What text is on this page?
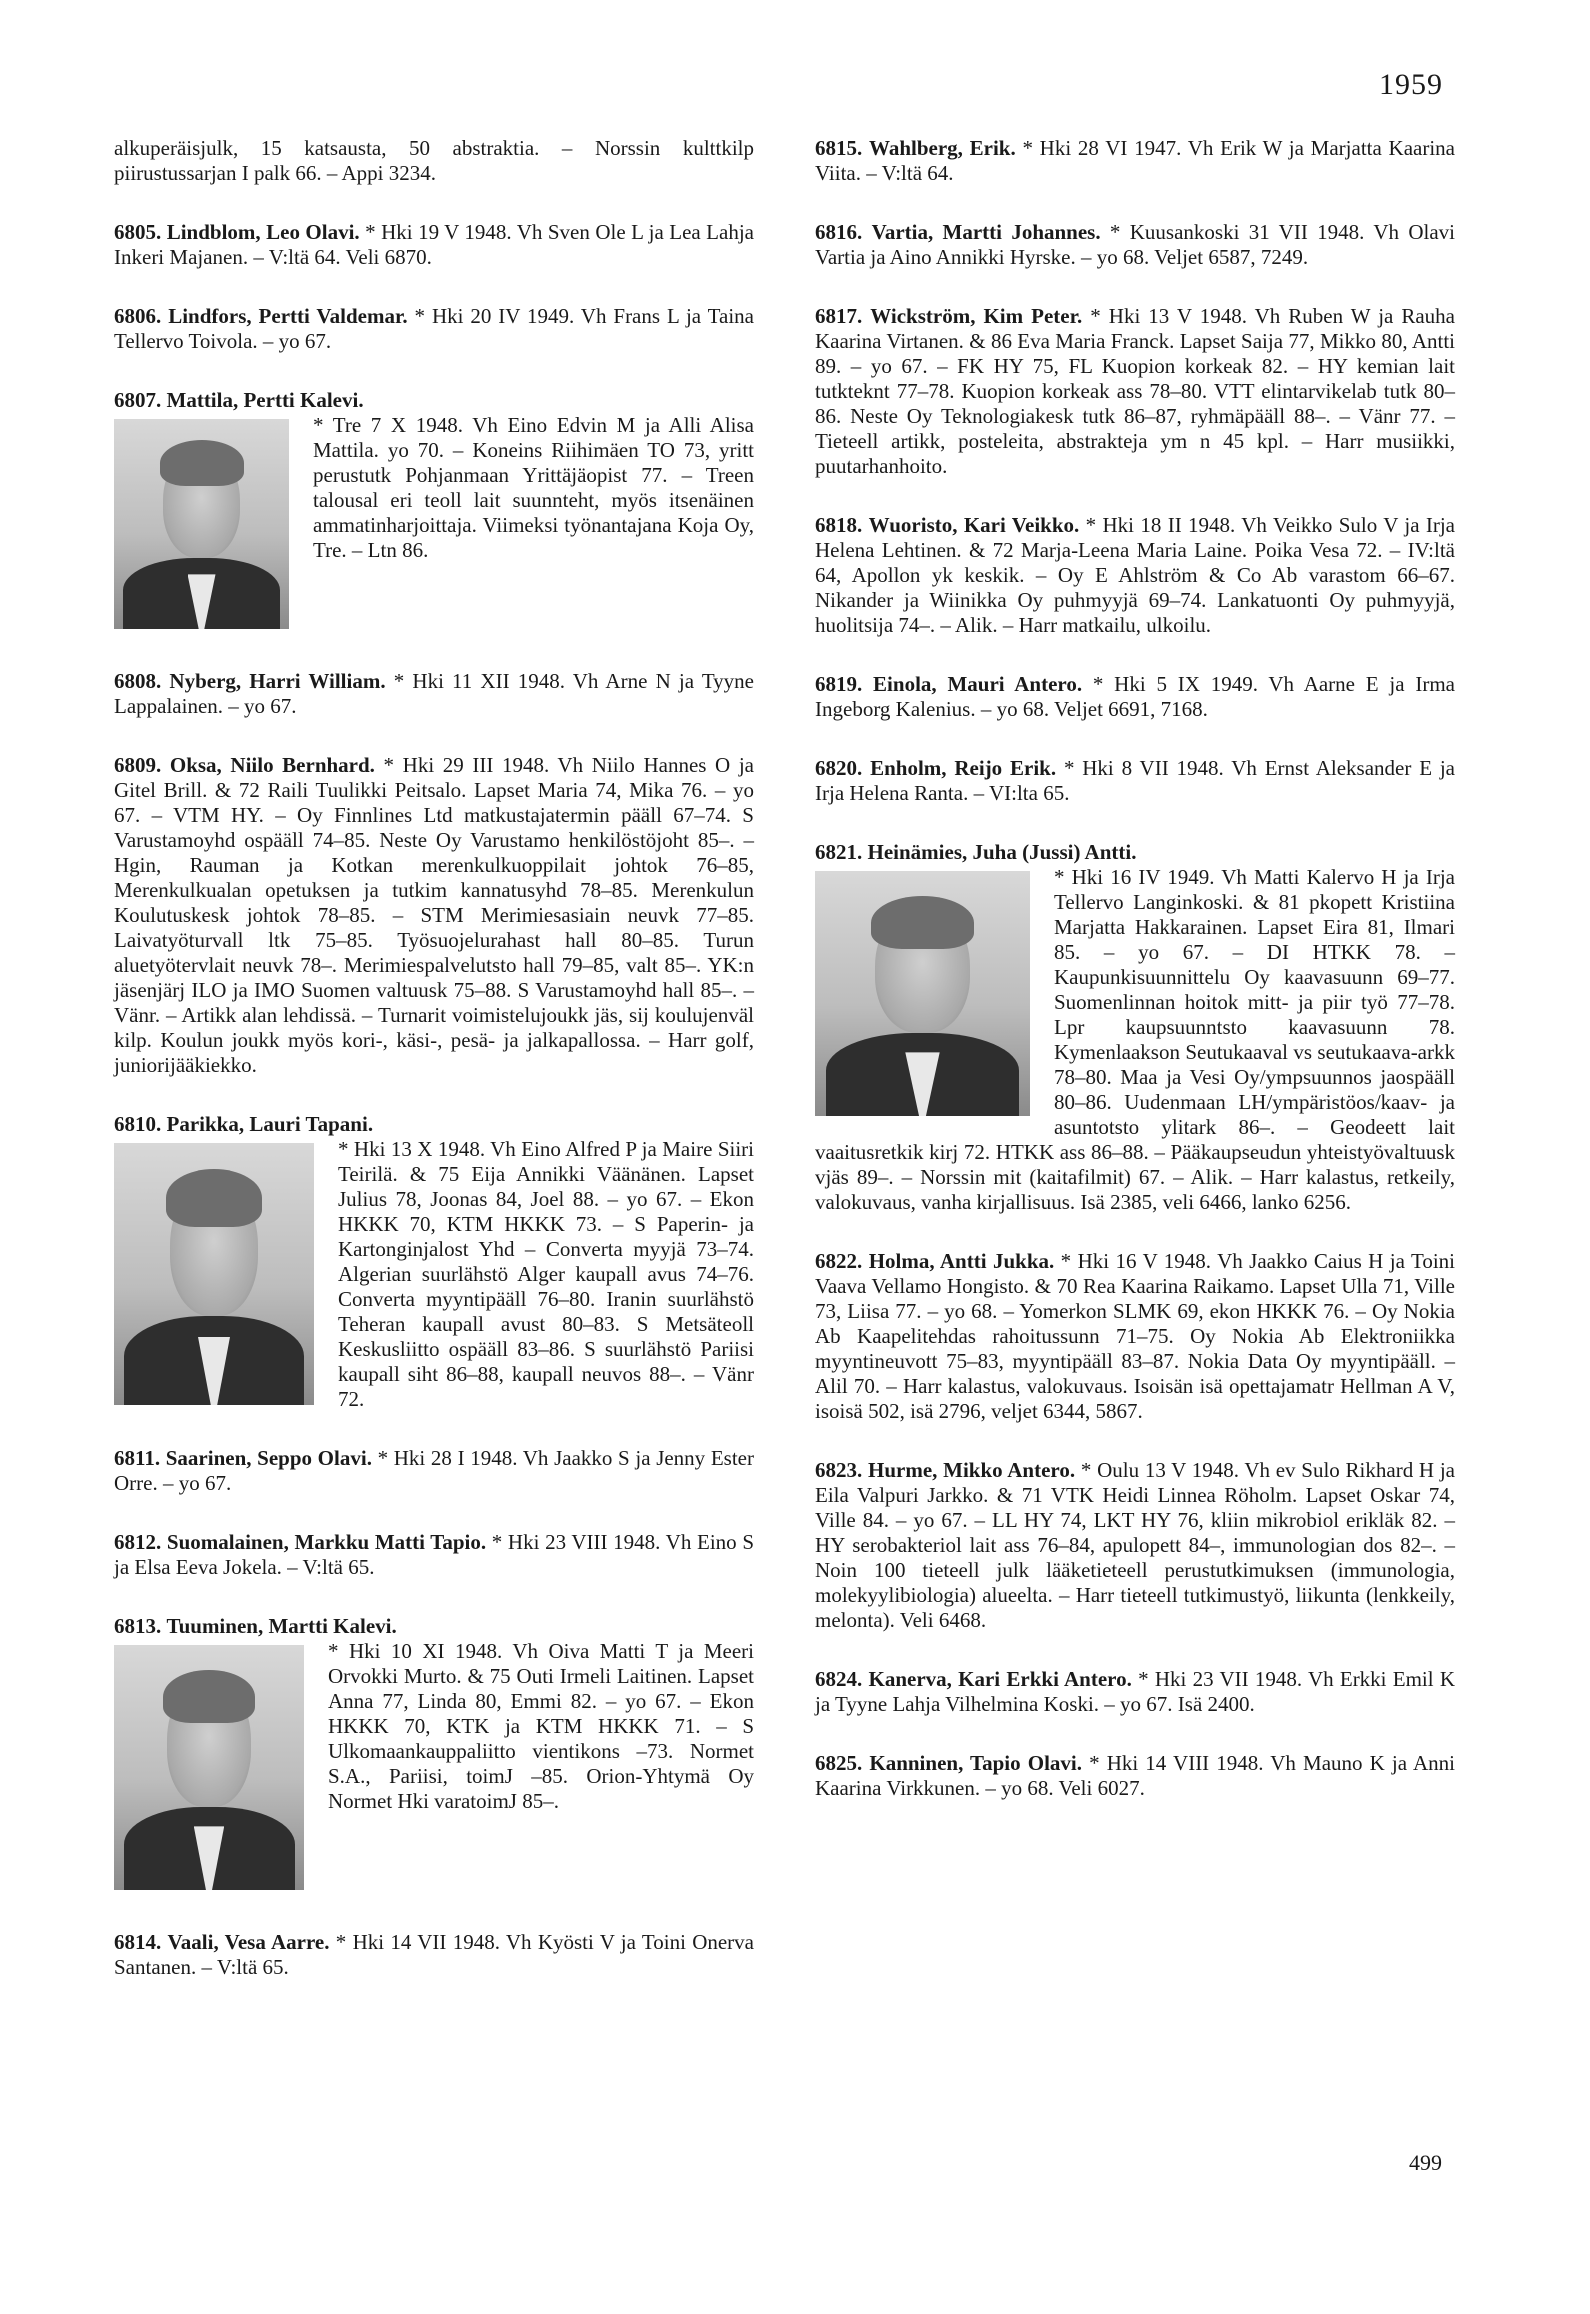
1959

alkuperäisjulk, 15 katsausta, 50 abstraktia. – Norssin kulttkilp piirustussarjan I palk 66. – Appi 3234.

6805. Lindblom, Leo Olavi. * Hki 19 V 1948. Vh Sven Ole L ja Lea Lahja Inkeri Majanen. – V:ltä 64. Veli 6870.

6806. Lindfors, Pertti Valdemar. * Hki 20 IV 1949. Vh Frans L ja Taina Tellervo Toivola. – yo 67.

6807. Mattila, Pertti Kalevi.
* Tre 7 X 1948. Vh Eino Edvin M ja Alli Alisa Mattila. yo 70. – Koneins Riihimäen TO 73, yritt perustutk Pohjanmaan Yrittäjäopist 77. – Treen talousal eri teoll lait suunnteht, myös itsenäinen ammatinharjoittaja. Viimeksi työnantajana Koja Oy, Tre. – Ltn 86.

6808. Nyberg, Harri William. * Hki 11 XII 1948. Vh Arne N ja Tyyne Lappalainen. – yo 67.

6809. Oksa, Niilo Bernhard. * Hki 29 III 1948. Vh Niilo Hannes O ja Gitel Brill. & 72 Raili Tuulikki Peitsalo. Lapset Maria 74, Mika 76. – yo 67. – VTM HY. – Oy Finnlines Ltd matkustajatermin pääll 67–74. S Varustamoyhd ospääll 74–85. Neste Oy Varustamo henkilöstöjoht 85–. – Hgin, Rauman ja Kotkan merenkulkuoppilait johtok 76–85, Merenkulkualan opetuksen ja tutkim kannatusyhd 78–85. Merenkulun Koulutuskesk johtok 78–85. – STM Merimiesasiain neuvk 77–85. Laivatyöturvall ltk 75–85. Työsuojelurahast hall 80–85. Turun aluetyötervlait neuvk 78–. Merimiespalvelutsto hall 79–85, valt 85–. YK:n jäsenjärj ILO ja IMO Suomen valtuusk 75–88. S Varustamoyhd hall 85–. – Vänr. – Artikk alan lehdissä. – Turnarit voimistelujoukk jäs, sij koulujenväl kilp. Koulun joukk myös kori-, käsi-, pesä- ja jalkapallossa. – Harr golf, juniorijääkiekko.

6810. Parikka, Lauri Tapani.
* Hki 13 X 1948. Vh Eino Alfred P ja Maire Siiri Teirilä. & 75 Eija Annikki Väänänen. Lapset Julius 78, Joonas 84, Joel 88. – yo 67. – Ekon HKKK 70, KTM HKKK 73. – S Paperin- ja Kartonginjalost Yhd – Converta myyjä 73–74. Algerian suurlähstö Alger kaupall avus 74–76. Converta myyntipääll 76–80. Iranin suurlähstö Teheran kaupall avust 80–83. S Metsäteoll Keskusliitto ospääll 83–86. S suurlähstö Pariisi kaupall siht 86–88, kaupall neuvos 88–. – Vänr 72.

6811. Saarinen, Seppo Olavi. * Hki 28 I 1948. Vh Jaakko S ja Jenny Ester Orre. – yo 67.

6812. Suomalainen, Markku Matti Tapio. * Hki 23 VIII 1948. Vh Eino S ja Elsa Eeva Jokela. – V:ltä 65.

6813. Tuuminen, Martti Kalevi.
* Hki 10 XI 1948. Vh Oiva Matti T ja Meeri Orvokki Murto. & 75 Outi Irmeli Laitinen. Lapset Anna 77, Linda 80, Emmi 82. – yo 67. – Ekon HKKK 70, KTK ja KTM HKKK 71. – S Ulkomaankauppaliitto vientikons –73. Normet S.A., Pariisi, toimJ –85. Orion-Yhtymä Oy Normet Hki varatoimJ 85–.

6814. Vaali, Vesa Aarre. * Hki 14 VII 1948. Vh Kyösti V ja Toini Onerva Santanen. – V:ltä 65.

6815. Wahlberg, Erik. * Hki 28 VI 1947. Vh Erik W ja Marjatta Kaarina Viita. – V:ltä 64.

6816. Vartia, Martti Johannes. * Kuusankoski 31 VII 1948. Vh Olavi Vartia ja Aino Annikki Hyrske. – yo 68. Veljet 6587, 7249.

6817. Wickström, Kim Peter. * Hki 13 V 1948. Vh Ruben W ja Rauha Kaarina Virtanen. & 86 Eva Maria Franck. Lapset Saija 77, Mikko 80, Antti 89. – yo 67. – FK HY 75, FL Kuopion korkeak 82. – HY kemian lait tutkteknt 77–78. Kuopion korkeak ass 78–80. VTT elintarvikelab tutk 80–86. Neste Oy Teknologiakesk tutk 86–87, ryhmäpääll 88–. – Vänr 77. – Tieteell artikk, posteleita, abstrakteja ym n 45 kpl. – Harr musiikki, puutarhanhoito.

6818. Wuoristo, Kari Veikko. * Hki 18 II 1948. Vh Veikko Sulo V ja Irja Helena Lehtinen. & 72 Marja-Leena Maria Laine. Poika Vesa 72. – IV:ltä 64, Apollon yk keskik. – Oy E Ahlström & Co Ab varastom 66–67. Nikander ja Wiinikka Oy puhmyyjä 69–74. Lankatuonti Oy puhmyyjä, huolitsija 74–. – Alik. – Harr matkailu, ulkoilu.

6819. Einola, Mauri Antero. * Hki 5 IX 1949. Vh Aarne E ja Irma Ingeborg Kalenius. – yo 68. Veljet 6691, 7168.

6820. Enholm, Reijo Erik. * Hki 8 VII 1948. Vh Ernst Aleksander E ja Irja Helena Ranta. – VI:lta 65.

6821. Heinämies, Juha (Jussi) Antti.
* Hki 16 IV 1949. Vh Matti Kalervo H ja Irja Tellervo Langinkoski. & 81 pkopett Kristiina Marjatta Hakkarainen. Lapset Eira 81, Ilmari 85. – yo 67. – DI HTKK 78. – Kaupunkisuunnittelu Oy kaavasuunn 69–77. Suomenlinnan hoitok mitt- ja piir työ 77–78. Lpr kaupsuunntsto kaavasuunn 78. Kymenlaakson Seutukaaval vs seutukaava-arkk 78–80. Maa ja Vesi Oy/ympsuunnos jaospääll 80–86. Uudenmaan LH/ympäristöos/kaav- ja asuntotsto ylitark 86–. – Geodeett lait vaaitusretkik kirj 72. HTKK ass 86–88. – Pääkaupseudun yhteistyövaltuusk vjäs 89–. – Norssin mit (kaitafilmit) 67. – Alik. – Harr kalastus, retkeily, valokuvaus, vanha kirjallisuus. Isä 2385, veli 6466, lanko 6256.

6822. Holma, Antti Jukka. * Hki 16 V 1948. Vh Jaakko Caius H ja Toini Vaava Vellamo Hongisto. & 70 Rea Kaarina Raikamo. Lapset Ulla 71, Ville 73, Liisa 77. – yo 68. – Yomerkon SLMK 69, ekon HKKK 76. – Oy Nokia Ab Kaapelitehdas rahoitussunn 71–75. Oy Nokia Ab Elektroniikka myyntineuvott 75–83, myyntipääll 83–87. Nokia Data Oy myyntipääll. – Alil 70. – Harr kalastus, valokuvaus. Isoisän isä opettajamatr Hellman A V, isoisä 502, isä 2796, veljet 6344, 5867.

6823. Hurme, Mikko Antero. * Oulu 13 V 1948. Vh ev Sulo Rikhard H ja Eila Valpuri Jarkko. & 71 VTK Heidi Linnea Röholm. Lapset Oskar 74, Ville 84. – yo 67. – LL HY 74, LKT HY 76, kliin mikrobiol erikläk 82. – HY serobakteriol lait ass 76–84, apulopett 84–, immunologian dos 82–. – Noin 100 tieteell julk lääketieteell perustutkimuksen (immunologia, molekyylibiologia) alueelta. – Harr tieteell tutkimustyö, liikunta (lenkkeily, melonta). Veli 6468.

6824. Kanerva, Kari Erkki Antero. * Hki 23 VII 1948. Vh Erkki Emil K ja Tyyne Lahja Vilhelmina Koski. – yo 67. Isä 2400.

6825. Kanninen, Tapio Olavi. * Hki 14 VIII 1948. Vh Mauno K ja Anni Kaarina Virkkunen. – yo 68. Veli 6027.

499
